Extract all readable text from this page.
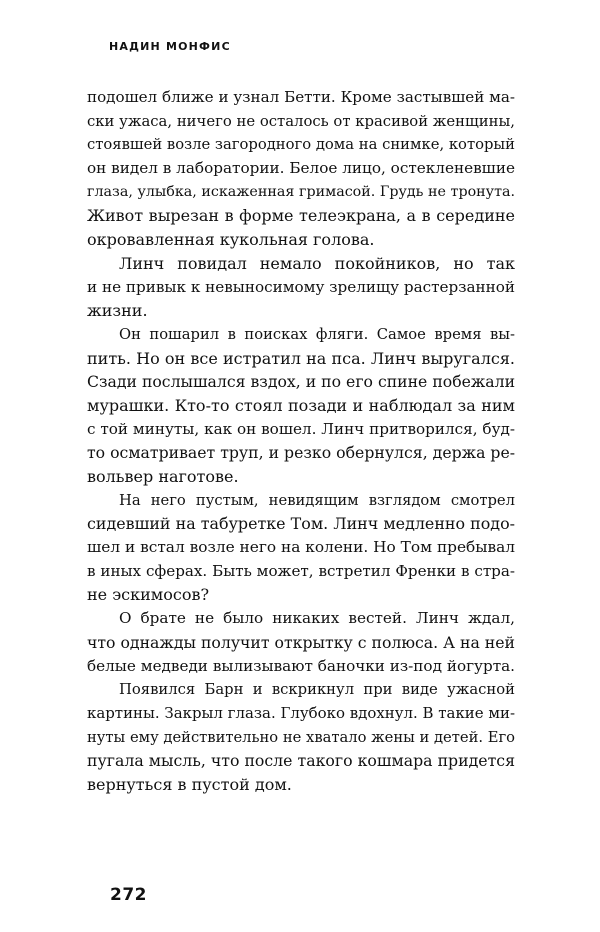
НАДИН МОНФИС
подошел ближе и узнал Бетти. Кроме застывшей ма-
ски ужаса, ничего не осталось от красивой женщины,
стоявшей возле загородного дома на снимке, который
он видел в лаборатории. Белое лицо, остекленевшие
глаза, улыбка, искаженная гримасой. Грудь не тронута.
Живот вырезан в форме телеэкрана, а в середине
окровавленная кукольная голова.
Линч повидал немало покойников, но так
и не привык к невыносимому зрелищу растерзанной
жизни.
Он пошарил в поисках фляги. Самое время вы-
пить. Но он все истратил на пса. Линч выругался.
Сзади послышался вздох, и по его спине побежали
мурашки. Кто-то стоял позади и наблюдал за ним
с той минуты, как он вошел. Линч притворился, буд-
то осматривает труп, и резко обернулся, держа ре-
вольвер наготове.
На него пустым, невидящим взглядом смотрел
сидевший на табуретке Том. Линч медленно подо-
шел и встал возле него на колени. Но Том пребывал
в иных сферах. Быть может, встретил Френки в стра-
не эскимосов?
О брате не было никаких вестей. Линч ждал,
что однажды получит открытку с полюса. А на ней
белые медведи вылизывают баночки из-под йогурта.
Появился Барн и вскрикнул при виде ужасной
картины. Закрыл глаза. Глубоко вдохнул. В такие ми-
нуты ему действительно не хватало жены и детей. Его
пугала мысль, что после такого кошмара придется
вернуться в пустой дом.
272
